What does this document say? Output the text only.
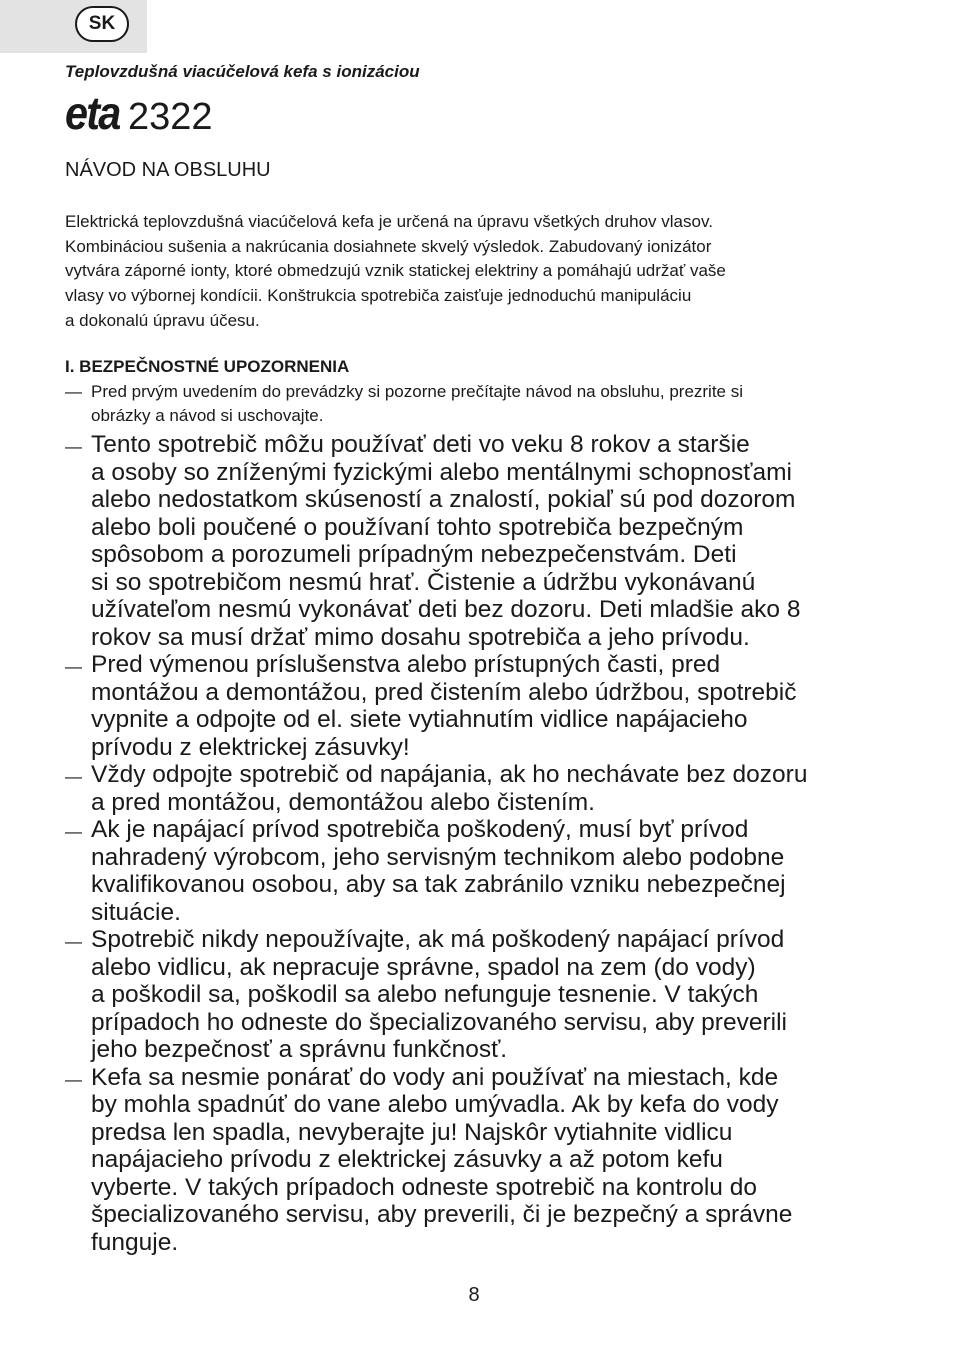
SK
Teplovzdušná viacúčelová kefa s ionizáciou
eta 2322
NÁVOD NA OBSLUHU
Elektrická teplovzdušná viacúčelová kefa je určená na úpravu všetkých druhov vlasov.
Kombináciou sušenia a nakrúcania dosiahnete skvelý výsledok. Zabudovaný ionizátor
vytvára záporné ionty, ktoré obmedzujú vznik statickej elektriny a pomáhajú udržať vaše
vlasy vo výbornej kondícii. Konštrukcia spotrebiča zaisťuje jednoduchú manipuláciu
a dokonalú úpravu účesu.
I. BEZPEČNOSTNÉ UPOZORNENIA
— Pred prvým uvedením do prevádzky si pozorne prečítajte návod na obsluhu, prezrite si
obrázky a návod si uschovajte.
— Tento spotrebič môžu používať deti vo veku 8 rokov a staršie
a osoby so zníženými fyzickými alebo mentálnymi schopnosťami
alebo nedostatkom skúseností a znalostí, pokiaľ sú pod dozorom
alebo boli poučené o používaní tohto spotrebiča bezpečným
spôsobom a porozumeli prípadným nebezpečenstvám. Deti
si so spotrebičom nesmú hrať. Čistenie a údržbu vykonávanú
užívateľom nesmú vykonávať deti bez dozoru. Deti mladšie ako 8
rokov sa musí držať mimo dosahu spotrebiča a jeho prívodu.
— Pred výmenou príslušenstva alebo prístupných časti, pred
montážou a demontážou, pred čistením alebo údržbou, spotrebič
vypnite a odpojte od el. siete vytiahnutím vidlice napájacieho
prívodu z elektrickej zásuvky!
— Vždy odpojte spotrebič od napájania, ak ho nechávate bez dozoru
a pred montážou, demontážou alebo čistením.
— Ak je napájací prívod spotrebiča poškodený, musí byť prívod
nahradený výrobcom, jeho servisným technikom alebo podobne
kvalifikovanou osobou, aby sa tak zabránilo vzniku nebezpečnej
situácie.
— Spotrebič nikdy nepoužívajte, ak má poškodený napájací prívod
alebo vidlicu, ak nepracuje správne, spadol na zem (do vody)
a poškodil sa, poškodil sa alebo nefunguje tesnenie. V takých
prípadoch ho odneste do špecializovaného servisu, aby preverili
jeho bezpečnosť a správnu funkčnosť.
— Kefa sa nesmie ponárať do vody ani používať na miestach, kde
by mohla spadnúť do vane alebo umývadla. Ak by kefa do vody
predsa len spadla, nevyberajte ju! Najskôr vytiahnite vidlicu
napájacieho prívodu z elektrickej zásuvky a až potom kefu
vyberte. V takých prípadoch odneste spotrebič na kontrolu do
špecializovaného servisu, aby preverili, či je bezpečný a správne
funguje.
8
